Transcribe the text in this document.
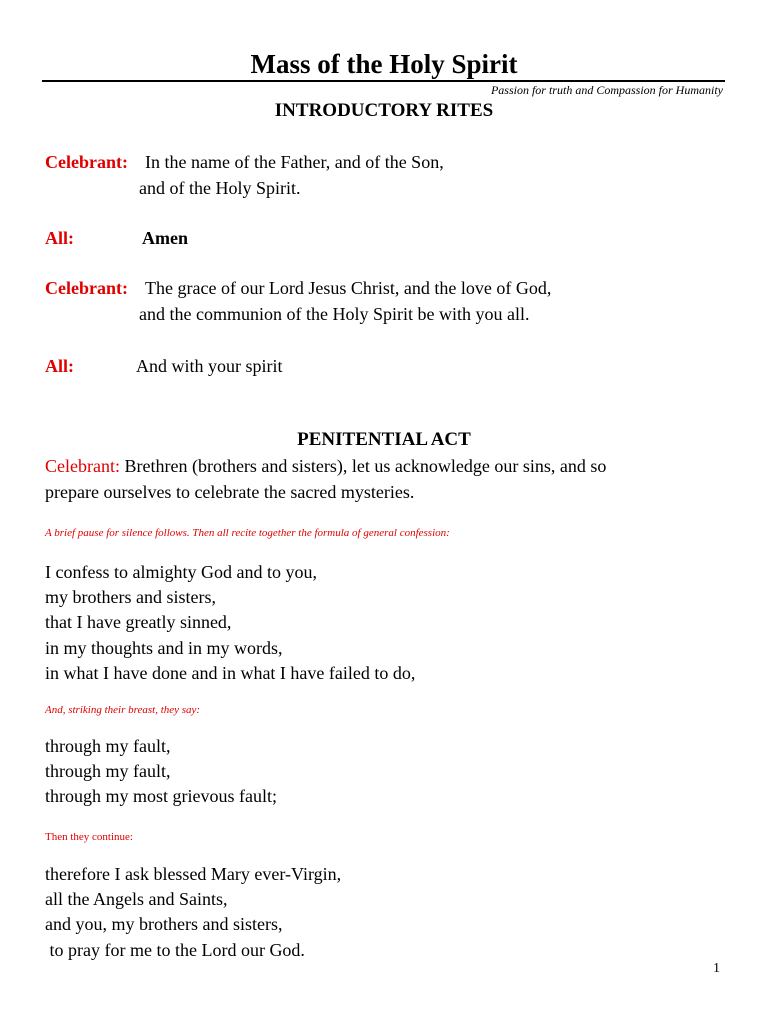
Mass of the Holy Spirit
Passion for truth and Compassion for Humanity
INTRODUCTORY RITES
Celebrant: In the name of the Father, and of the Son,
and of the Holy Spirit.
All:	Amen
Celebrant: The grace of our Lord Jesus Christ, and the love of God,
and the communion of the Holy Spirit be with you all.
All:	And with your spirit
PENITENTIAL ACT
Celebrant: Brethren (brothers and sisters), let us acknowledge our sins, and so
prepare ourselves to celebrate the sacred mysteries.
A brief pause for silence follows. Then all recite together the formula of general confession:
I confess to almighty God and to you,
my brothers and sisters,
that I have greatly sinned,
in my thoughts and in my words,
in what I have done and in what I have failed to do,
And, striking their breast, they say:
through my fault,
through my fault,
through my most grievous fault;
Then they continue:
therefore I ask blessed Mary ever-Virgin,
all the Angels and Saints,
and you, my brothers and sisters,
to pray for me to the Lord our God.
1
